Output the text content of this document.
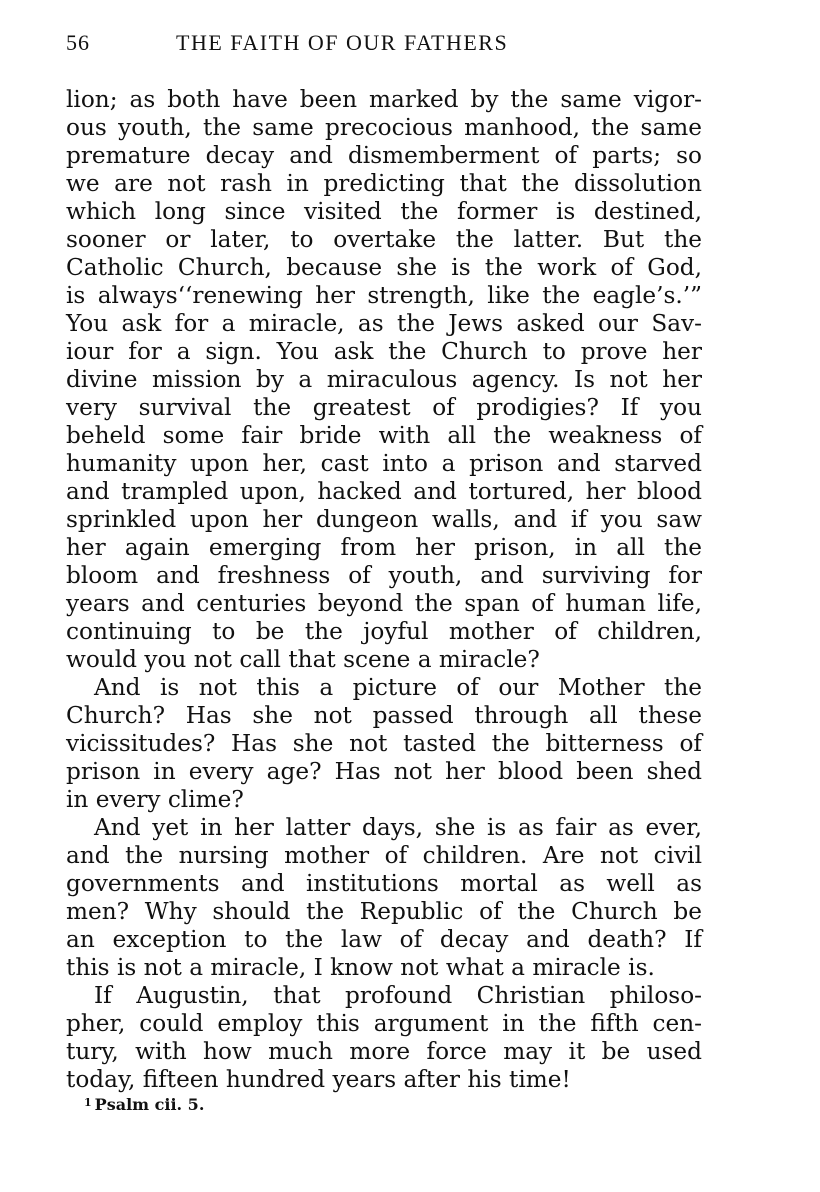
56	THE FAITH OF OUR FATHERS
lion; as both have been marked by the same vigor-
ous youth, the same precocious manhood, the same
premature decay and dismemberment of parts; so
we are not rash in predicting that the dissolution
which long since visited the former is destined,
sooner or later, to overtake the latter. But the
Catholic Church, because she is the work of God,
is always‘‘renewing her strength, like the eagle’s.’”
You ask for a miracle, as the Jews asked our Sav-
iour for a sign. You ask the Church to prove her
divine mission by a miraculous agency. Is not her
very survival the greatest of prodigies? If you
beheld some fair bride with all the weakness of
humanity upon her, cast into a prison and starved
and trampled upon, hacked and tortured, her blood
sprinkled upon her dungeon walls, and if you saw
her again emerging from her prison, in all the
bloom and freshness of youth, and surviving for
years and centuries beyond the span of human life,
continuing to be the joyful mother of children,
would you not call that scene a miracle?
And is not this a picture of our Mother the
Church? Has she not passed through all these
vicissitudes? Has she not tasted the bitterness of
prison in every age? Has not her blood been shed
in every clime?
And yet in her latter days, she is as fair as ever,
and the nursing mother of children. Are not civil
governments and institutions mortal as well as
men? Why should the Republic of the Church be
an exception to the law of decay and death? If
this is not a miracle, I know not what a miracle is.
If Augustin, that profound Christian philoso-
pher, could employ this argument in the fifth cen-
tury, with how much more force may it be used
today, fifteen hundred years after his time!
$^1$ Psalm cii. 5.
